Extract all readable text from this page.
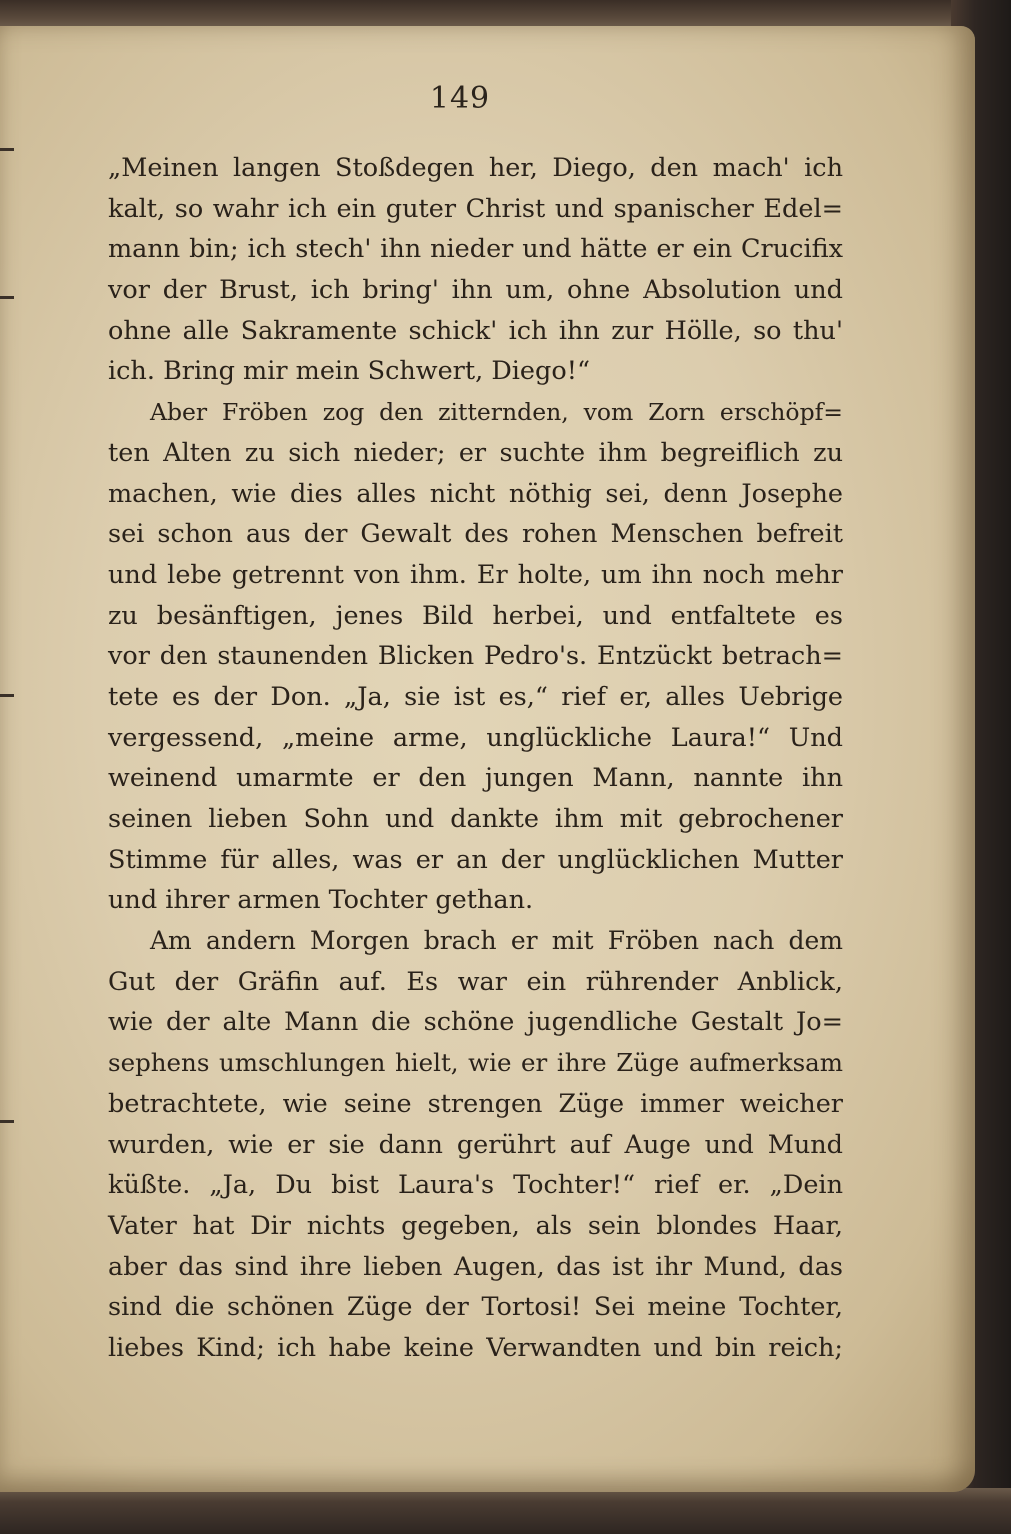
149
„Meinen langen Stoßdegen her, Diego, den mach' ich
kalt, so wahr ich ein guter Christ und spanischer Edel=
mann bin; ich stech' ihn nieder und hätte er ein Crucifix
vor der Brust, ich bring' ihn um, ohne Absolution und
ohne alle Sakramente schick' ich ihn zur Hölle, so thu'
ich. Bring mir mein Schwert, Diego!“
Aber Fröben zog den zitternden, vom Zorn erschöpf=
ten Alten zu sich nieder; er suchte ihm begreiflich zu
machen, wie dies alles nicht nöthig sei, denn Josephe
sei schon aus der Gewalt des rohen Menschen befreit
und lebe getrennt von ihm. Er holte, um ihn noch mehr
zu besänftigen, jenes Bild herbei, und entfaltete es
vor den staunenden Blicken Pedro's. Entzückt betrach=
tete es der Don. „Ja, sie ist es,“ rief er, alles Uebrige
vergessend, „meine arme, unglückliche Laura!“ Und
weinend umarmte er den jungen Mann, nannte ihn
seinen lieben Sohn und dankte ihm mit gebrochener
Stimme für alles, was er an der unglücklichen Mutter
und ihrer armen Tochter gethan.
Am andern Morgen brach er mit Fröben nach dem
Gut der Gräfin auf. Es war ein rührender Anblick,
wie der alte Mann die schöne jugendliche Gestalt Jo=
sephens umschlungen hielt, wie er ihre Züge aufmerksam
betrachtete, wie seine strengen Züge immer weicher
wurden, wie er sie dann gerührt auf Auge und Mund
küßte. „Ja, Du bist Laura's Tochter!“ rief er. „Dein
Vater hat Dir nichts gegeben, als sein blondes Haar,
aber das sind ihre lieben Augen, das ist ihr Mund, das
sind die schönen Züge der Tortosi! Sei meine Tochter,
liebes Kind; ich habe keine Verwandten und bin reich;
